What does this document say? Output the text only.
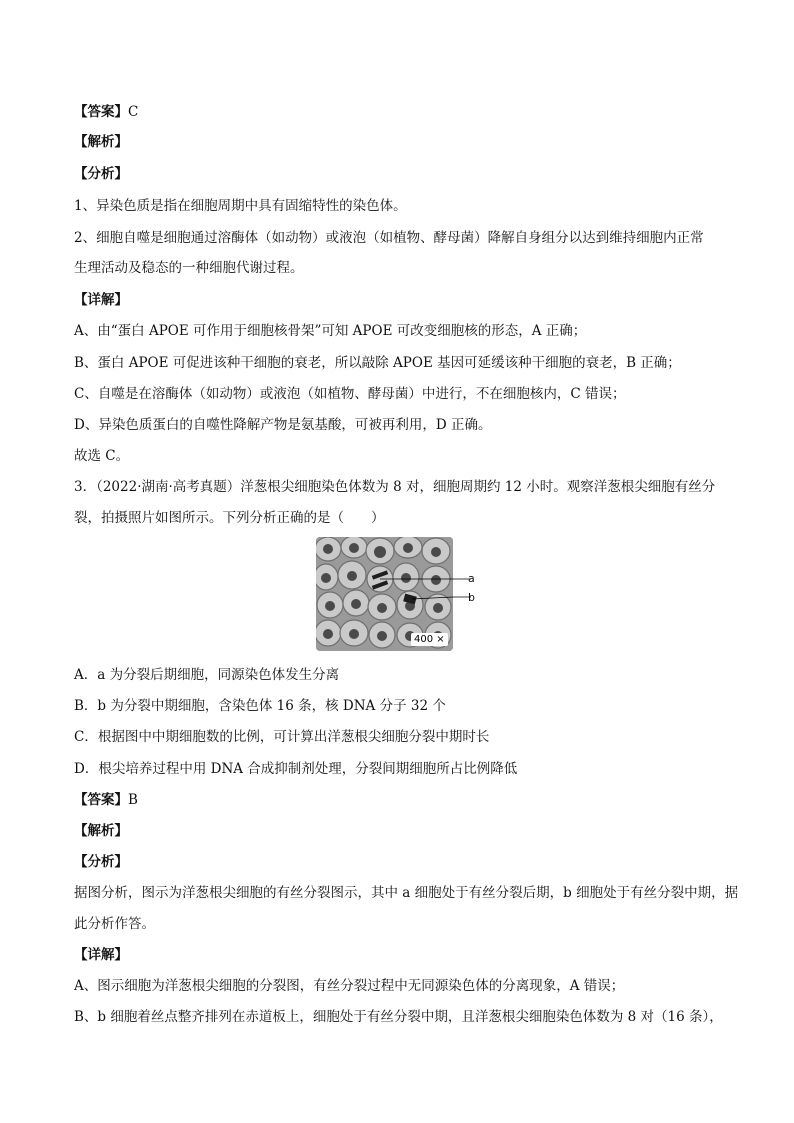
【答案】C
【解析】
【分析】
1、异染色质是指在细胞周期中具有固缩特性的染色体。
2、细胞自噬是细胞通过溶酶体（如动物）或液泡（如植物、酵母菌）降解自身组分以达到维持细胞内正常
生理活动及稳态的一种细胞代谢过程。
【详解】
A、由“蛋白 APOE 可作用于细胞核骨架”可知 APOE 可改变细胞核的形态，A 正确；
B、蛋白 APOE 可促进该种干细胞的衰老，所以敲除 APOE 基因可延缓该种干细胞的衰老，B 正确；
C、自噬是在溶酶体（如动物）或液泡（如植物、酵母菌）中进行，不在细胞核内，C 错误；
D、异染色质蛋白的自噬性降解产物是氨基酸，可被再利用，D 正确。
故选 C。
3．（2022·湖南·高考真题）洋葱根尖细胞染色体数为 8 对，细胞周期约 12 小时。观察洋葱根尖细胞有丝分
裂，拍摄照片如图所示。下列分析正确的是（　　）
400 ×
a
b
A．a 为分裂后期细胞，同源染色体发生分离
B．b 为分裂中期细胞，含染色体 16 条，核 DNA 分子 32 个
C．根据图中中期细胞数的比例，可计算出洋葱根尖细胞分裂中期时长
D．根尖培养过程中用 DNA 合成抑制剂处理，分裂间期细胞所占比例降低
【答案】B
【解析】
【分析】
据图分析，图示为洋葱根尖细胞的有丝分裂图示，其中 a 细胞处于有丝分裂后期，b 细胞处于有丝分裂中期，据此分析作答。
【详解】
A、图示细胞为洋葱根尖细胞的分裂图，有丝分裂过程中无同源染色体的分离现象，A 错误；
B、b 细胞着丝点整齐排列在赤道板上，细胞处于有丝分裂中期，且洋葱根尖细胞染色体数为 8 对（16 条），
